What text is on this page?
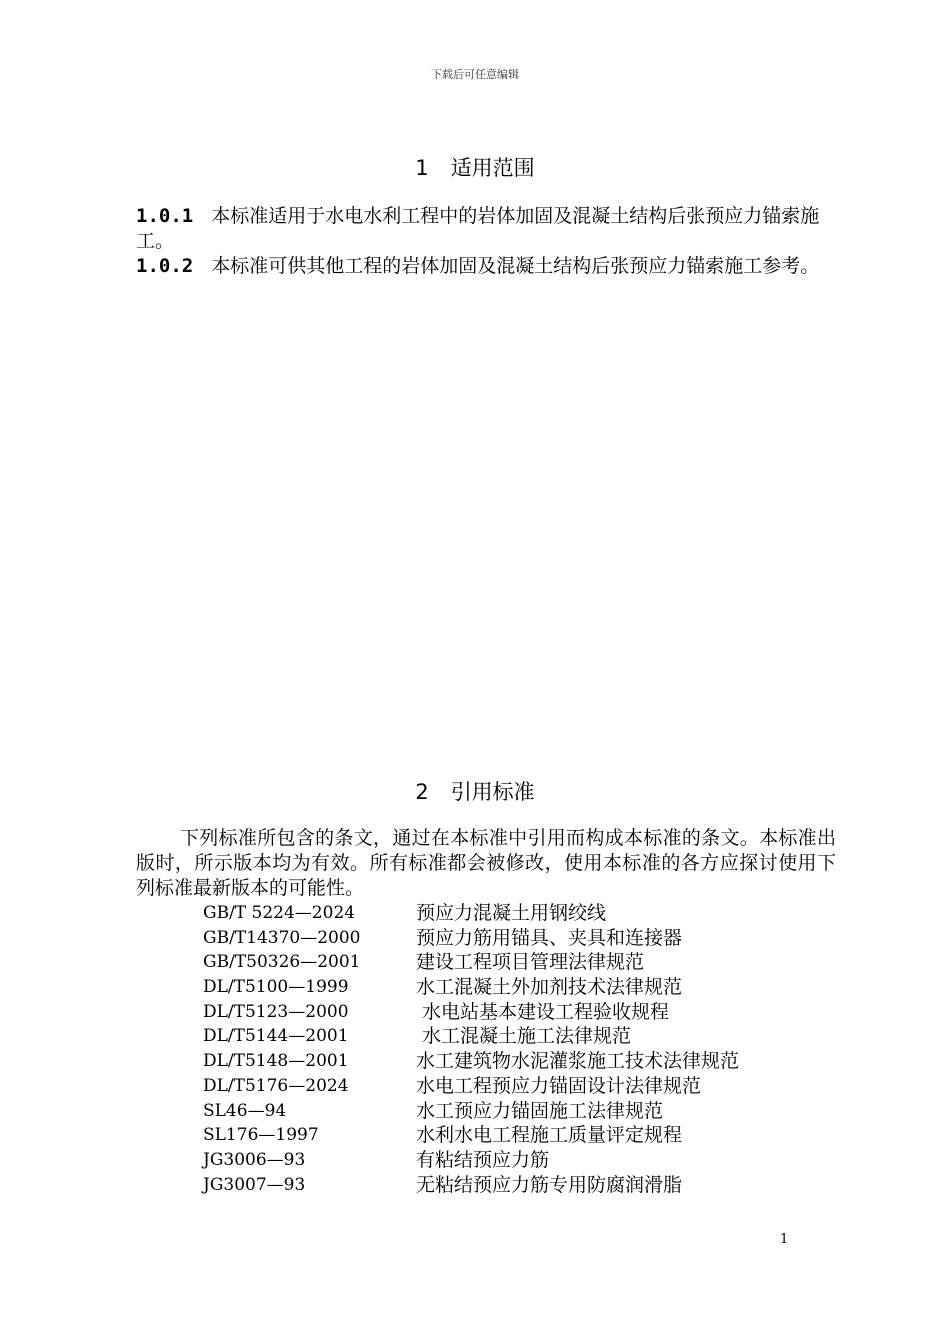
下载后可任意编辑
1 适用范围
1.0.1 本标准适用于水电水利工程中的岩体加固及混凝土结构后张预应力锚索施工。
1.0.2 本标准可供其他工程的岩体加固及混凝土结构后张预应力锚索施工参考。
2 引用标准
下列标准所包含的条文，通过在本标准中引用而构成本标准的条文。本标准出版时，所示版本均为有效。所有标准都会被修改，使用本标准的各方应探讨使用下列标准最新版本的可能性。
GB/T 5224—2024	预应力混凝土用钢绞线
GB/T14370—2000	预应力筋用锚具、夹具和连接器
GB/T50326—2001	建设工程项目管理法律规范
DL/T5100—1999	水工混凝土外加剂技术法律规范
DL/T5123—2000	水电站基本建设工程验收规程
DL/T5144—2001	水工混凝土施工法律规范
DL/T5148—2001	水工建筑物水泥灌浆施工技术法律规范
DL/T5176—2024	水电工程预应力锚固设计法律规范
SL46—94	水工预应力锚固施工法律规范
SL176—1997	水利水电工程施工质量评定规程
JG3006—93	有粘结预应力筋
JG3007—93	无粘结预应力筋专用防腐润滑脂
1
